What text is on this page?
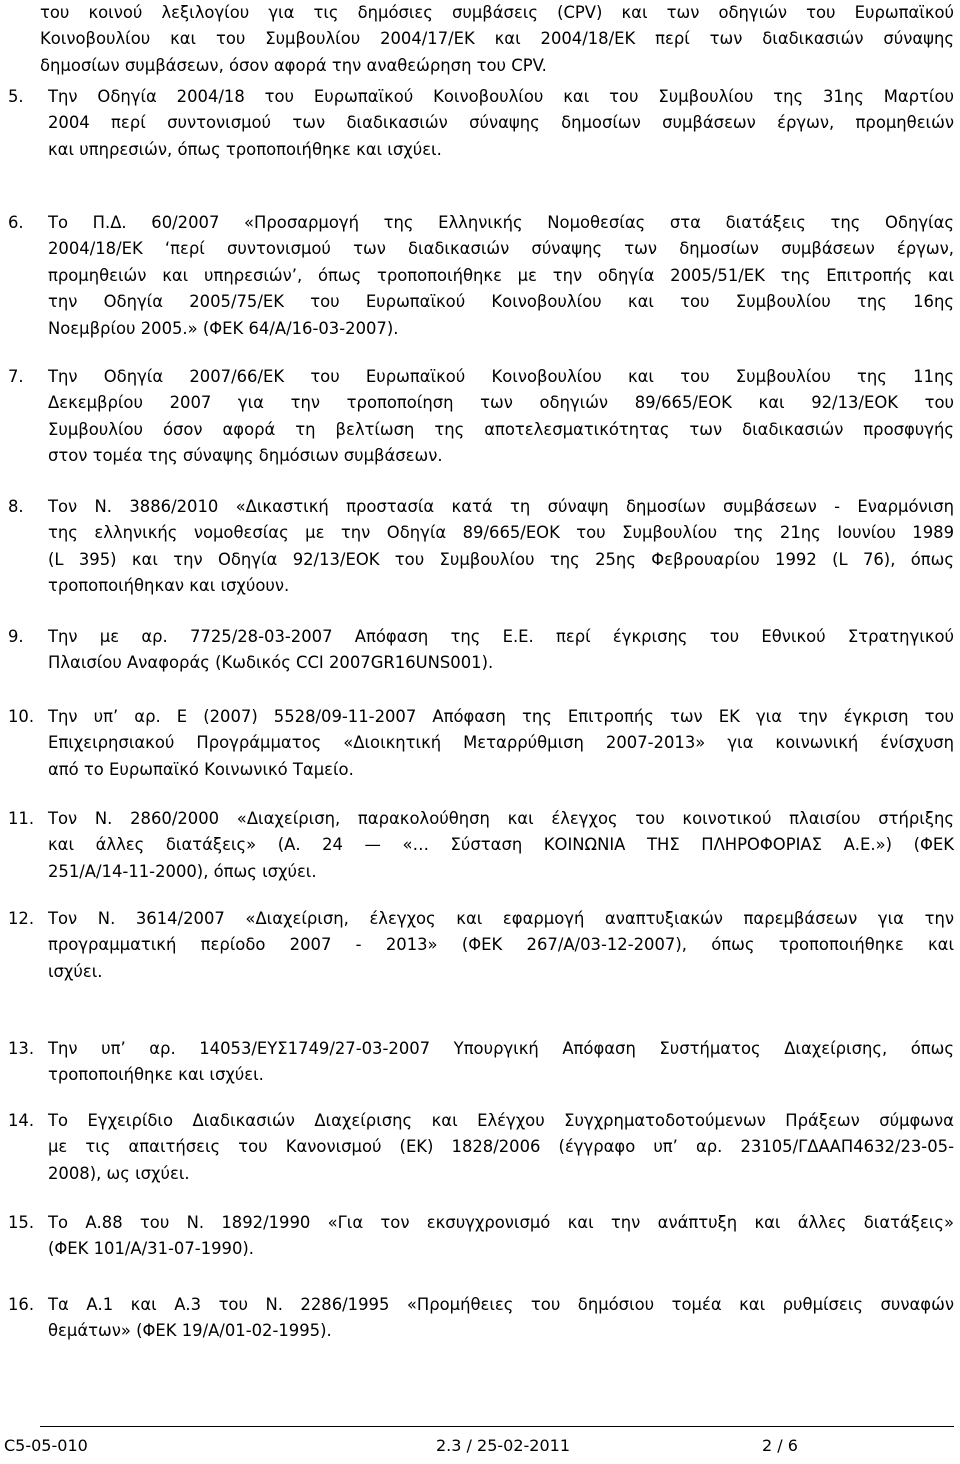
του κοινού λεξιλογίου για τις δημόσιες συμβάσεις (CPV) και των οδηγιών του Ευρωπαϊκού
Κοινοβουλίου και του Συμβουλίου 2004/17/ΕΚ και 2004/18/ΕΚ περί των διαδικασιών σύναψης
δημοσίων συμβάσεων, όσον αφορά την αναθεώρηση του CPV.
5. Την Οδηγία 2004/18 του Ευρωπαϊκού Κοινοβουλίου και του Συμβουλίου της 31ης Μαρτίου
2004 περί συντονισμού των διαδικασιών σύναψης δημοσίων συμβάσεων έργων, προμηθειών
και υπηρεσιών, όπως τροποποιήθηκε και ισχύει.
6. Το Π.Δ. 60/2007 «Προσαρμογή της Ελληνικής Νομοθεσίας στα διατάξεις της Οδηγίας
2004/18/ΕΚ ‘περί συντονισμού των διαδικασιών σύναψης των δημοσίων συμβάσεων έργων,
προμηθειών και υπηρεσιών’, όπως τροποποιήθηκε με την οδηγία 2005/51/ΕΚ της Επιτροπής και
την Οδηγία 2005/75/ΕΚ του Ευρωπαϊκού Κοινοβουλίου και του Συμβουλίου της 16ης
Νοεμβρίου 2005.» (ΦΕΚ 64/Α/16-03-2007).
7. Την Οδηγία 2007/66/ΕΚ του Ευρωπαϊκού Κοινοβουλίου και του Συμβουλίου της 11ης
Δεκεμβρίου 2007 για την τροποποίηση των οδηγιών 89/665/ΕΟΚ και 92/13/ΕΟΚ του
Συμβουλίου όσον αφορά τη βελτίωση της αποτελεσματικότητας των διαδικασιών προσφυγής
στον τομέα της σύναψης δημόσιων συμβάσεων.
8. Τον Ν. 3886/2010 «Δικαστική προστασία κατά τη σύναψη δημοσίων συμβάσεων - Εναρμόνιση
της ελληνικής νομοθεσίας με την Οδηγία 89/665/ΕΟΚ του Συμβουλίου της 21ης Ιουνίου 1989
(L 395) και την Οδηγία 92/13/ΕΟΚ του Συμβουλίου της 25ης Φεβρουαρίου 1992 (L 76), όπως
τροποποιήθηκαν και ισχύουν.
9. Την με αρ. 7725/28-03-2007 Απόφαση της Ε.Ε. περί έγκρισης του Εθνικού Στρατηγικού
Πλαισίου Αναφοράς (Κωδικός CCI 2007GR16UNS001).
10. Την υπ’ αρ. Ε (2007) 5528/09-11-2007 Απόφαση της Επιτροπής των ΕΚ για την έγκριση του
Επιχειρησιακού Προγράμματος «Διοικητική Μεταρρύθμιση 2007-2013» για κοινωνική ένίσχυση
από το Ευρωπαϊκό Κοινωνικό Ταμείο.
11. Τον Ν. 2860/2000 «Διαχείριση, παρακολούθηση και έλεγχος του κοινοτικού πλαισίου στήριξης
και άλλες διατάξεις» (Α. 24 — «… Σύσταση ΚΟΙΝΩΝΙΑ ΤΗΣ ΠΛΗΡΟΦΟΡΙΑΣ Α.Ε.») (ΦΕΚ
251/Α/14-11-2000), όπως ισχύει.
12. Τον Ν. 3614/2007 «Διαχείριση, έλεγχος και εφαρμογή αναπτυξιακών παρεμβάσεων για την
προγραμματική περίοδο 2007 - 2013» (ΦΕΚ 267/Α/03-12-2007), όπως τροποποιήθηκε και
ισχύει.
13. Την υπ’ αρ. 14053/ΕΥΣ1749/27-03-2007 Υπουργική Απόφαση Συστήματος Διαχείρισης, όπως
τροποποιήθηκε και ισχύει.
14. Το Εγχειρίδιο Διαδικασιών Διαχείρισης και Ελέγχου Συγχρηματοδοτούμενων Πράξεων σύμφωνα
με τις απαιτήσεις του Κανονισμού (ΕΚ) 1828/2006 (έγγραφο υπ’ αρ. 23105/ΓΔΑΑΠ4632/23-05-
2008), ως ισχύει.
15. Το Α.88 του Ν. 1892/1990 «Για τον εκσυγχρονισμό και την ανάπτυξη και άλλες διατάξεις»
(ΦΕΚ 101/Α/31-07-1990).
16. Τα Α.1 και Α.3 του Ν. 2286/1995 «Προμήθειες του δημόσιου τομέα και ρυθμίσεις συναφών
θεμάτων» (ΦΕΚ 19/Α/01-02-1995).
C5-05-010	2.3 / 25-02-2011	2 / 6
